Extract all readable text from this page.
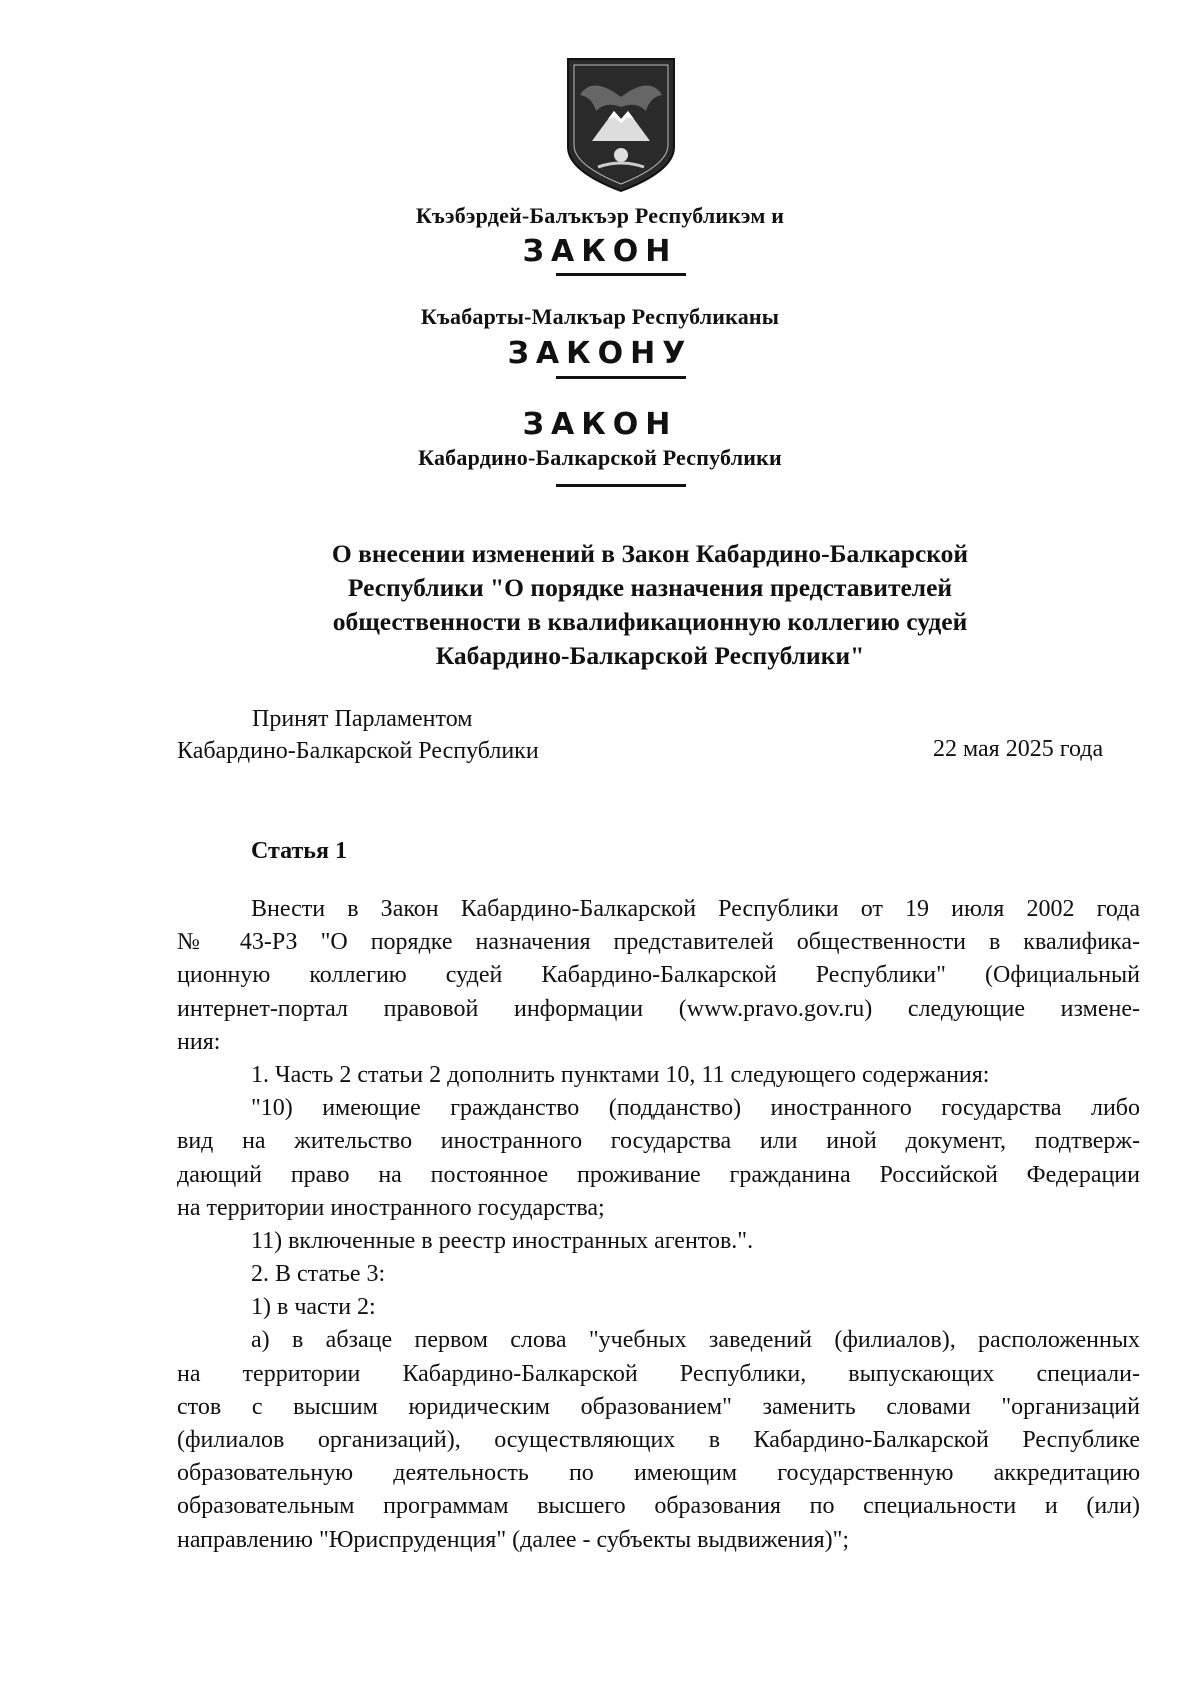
Къэбэрдей-Балъкъэр Республикэм и
ЗАКОН
Къабарты-Малкъар Республиканы
ЗАКОНУ
ЗАКОН
Кабардино-Балкарской Республики
О внесении изменений в Закон Кабардино-Балкарской
Республики "О порядке назначения представителей
общественности в квалификационную коллегию судей
Кабардино-Балкарской Республики"
Принят Парламентом
Кабардино-Балкарской Республики	22 мая 2025 года
Статья 1
Внести в Закон Кабардино-Балкарской Республики от 19 июля 2002 года
№ 43-РЗ "О порядке назначения представителей общественности в квалифика-
ционную коллегию судей Кабардино-Балкарской Республики" (Официальный
интернет-портал правовой информации (www.pravo.gov.ru) следующие измене-
ния:
1. Часть 2 статьи 2 дополнить пунктами 10, 11 следующего содержания:
"10) имеющие гражданство (подданство) иностранного государства либо
вид на жительство иностранного государства или иной документ, подтверж-
дающий право на постоянное проживание гражданина Российской Федерации
на территории иностранного государства;
11) включенные в реестр иностранных агентов.".
2. В статье 3:
1) в части 2:
а) в абзаце первом слова "учебных заведений (филиалов), расположенных
на территории Кабардино-Балкарской Республики, выпускающих специали-
стов с высшим юридическим образованием" заменить словами "организаций
(филиалов организаций), осуществляющих в Кабардино-Балкарской Республике
образовательную деятельность по имеющим государственную аккредитацию
образовательным программам высшего образования по специальности и (или)
направлению "Юриспруденция" (далее - субъекты выдвижения)";
